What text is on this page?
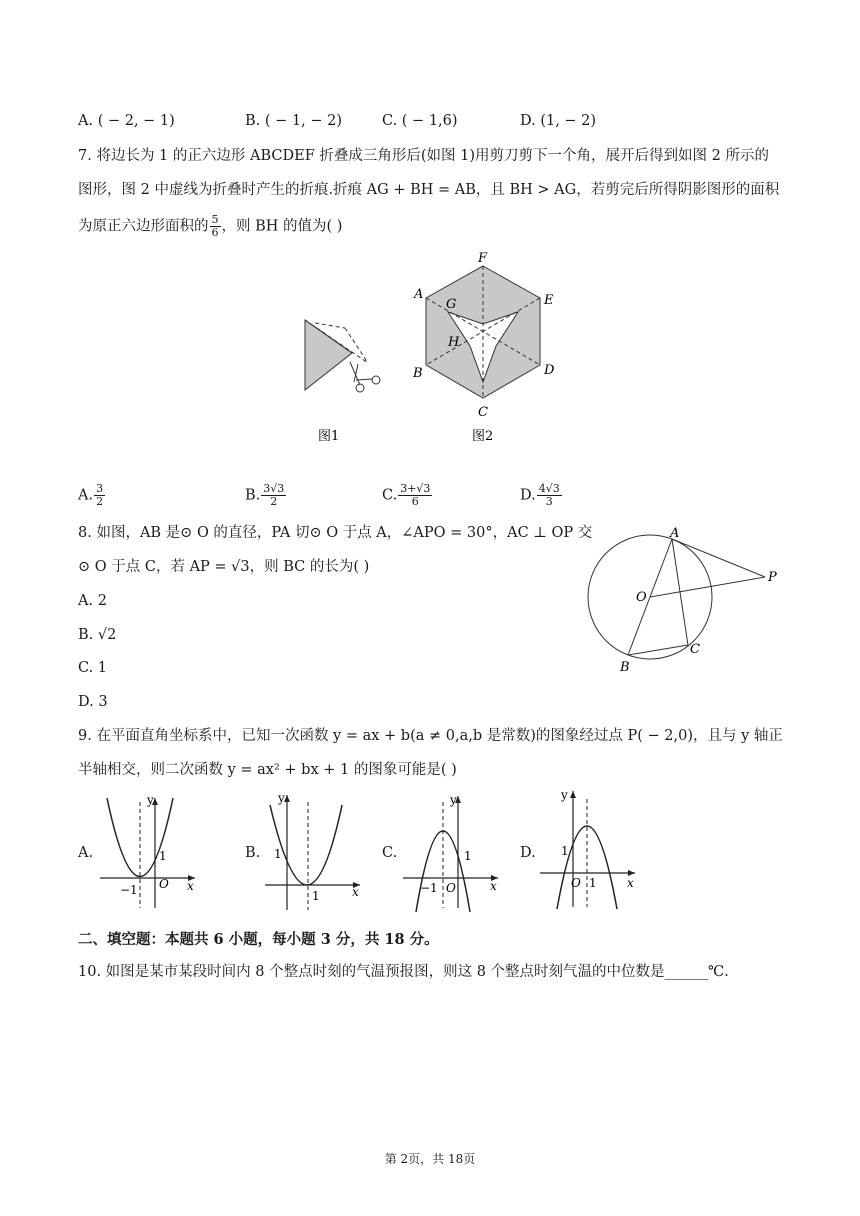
A. ( − 2, − 1)	B. ( − 1, − 2)	C. ( − 1,6)	D. (1, − 2)
7. 将边长为 1 的正六边形 ABCDEF 折叠成三角形后(如图 1)用剪刀剪下一个角，展开后得到如图 2 所示的
图形，图 2 中虚线为折叠时产生的折痕.折痕 AG + BH = AB，且 BH > AG，若剪完后所得阴影图形的面积
为原正六边形面积的 $\frac{5}{6}$ ，则 BH 的值为( )
图1
F
A	E
G
H
B	D
C
图2
A. $\frac{3}{2}$	B. $\frac{3√3}{2}$	C. $\frac{3+√3}{6}$	D. $\frac{4√3}{3}$
8. 如图，AB 是⊙ O 的直径，PA 切⊙ O 于点 A，∠APO = 30°，AC ⊥ OP 交
⊙ O 于点 C，若 AP = √3，则 BC 的长为( )
A. 2
B. √2
C. 1
D. 3
A
O
P
B
C
9. 在平面直角坐标系中，已知一次函数 y = ax + b(a ≠ 0,a,b 是常数)的图象经过点 P( − 2,0)，且与 y 轴正
半轴相交，则二次函数 y = ax² + bx + 1 的图象可能是( )
A.
y
x
O
1
−1
B.
y
x
1
1
C.
y
x
O
1
−1
D.
y
x
O
1
1
二、填空题：本题共 6 小题，每小题 3 分，共 18 分。
10. 如图是某市某段时间内 8 个整点时刻的气温预报图，则这 8 个整点时刻气温的中位数是______℃.
第 2页，共 18页
